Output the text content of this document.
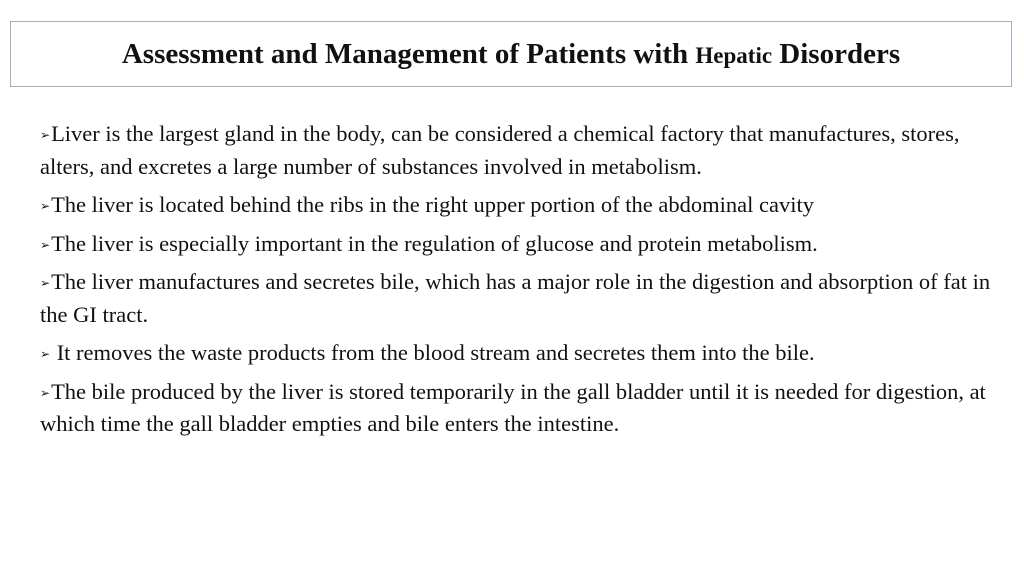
Assessment and Management of Patients with Hepatic Disorders
➢Liver is the largest gland in the body, can be considered a chemical factory that manufactures, stores, alters, and excretes a large number of substances involved in metabolism.
➢The liver is located behind the ribs in the right upper portion of the abdominal cavity
➢The liver is especially important in the regulation of glucose and protein metabolism.
➢The liver manufactures and secretes bile, which has a major role in the digestion and absorption of fat in the GI tract.
➢ It removes the waste products from the blood stream and secretes them into the bile.
➢The bile produced by the liver is stored temporarily in the gall bladder until it is needed for digestion, at which time the gall bladder empties and bile enters the intestine.
